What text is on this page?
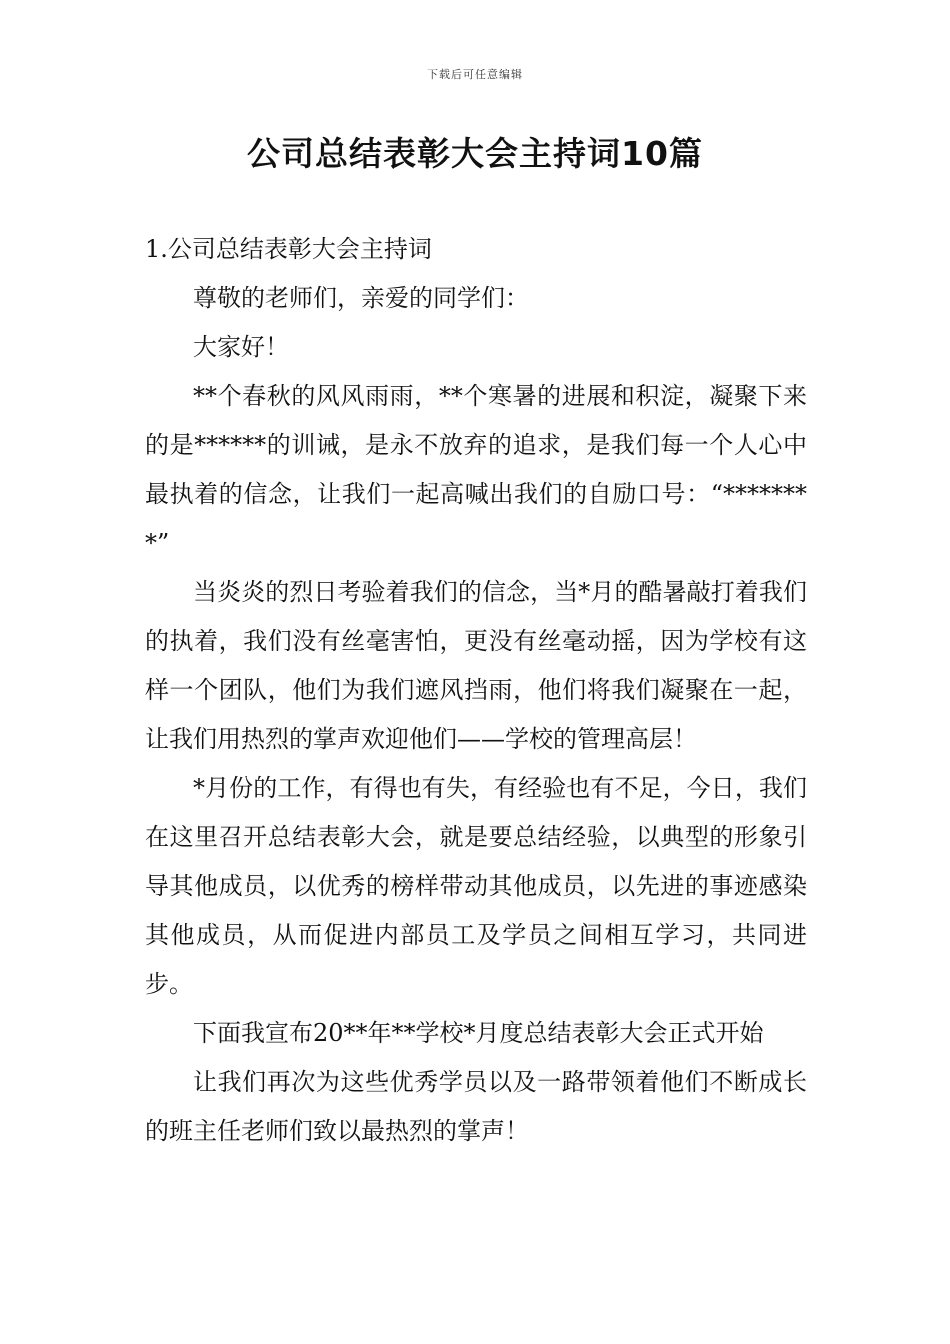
下载后可任意编辑
公司总结表彰大会主持词10篇
1.公司总结表彰大会主持词

尊敬的老师们，亲爱的同学们：

大家好！

**个春秋的风风雨雨，**个寒暑的进展和积淀，凝聚下来的是******的训诫，是永不放弃的追求，是我们每一个人心中最执着的信念，让我们一起高喊出我们的自励口号：“********”

当炎炎的烈日考验着我们的信念，当*月的酷暑敲打着我们的执着，我们没有丝毫害怕，更没有丝毫动摇，因为学校有这样一个团队，他们为我们遮风挡雨，他们将我们凝聚在一起，让我们用热烈的掌声欢迎他们——学校的管理高层！

*月份的工作，有得也有失，有经验也有不足，今日，我们在这里召开总结表彰大会，就是要总结经验，以典型的形象引导其他成员，以优秀的榜样带动其他成员，以先进的事迹感染其他成员，从而促进内部员工及学员之间相互学习，共同进步。

下面我宣布20**年**学校*月度总结表彰大会正式开始

让我们再次为这些优秀学员以及一路带领着他们不断成长的班主任老师们致以最热烈的掌声！
